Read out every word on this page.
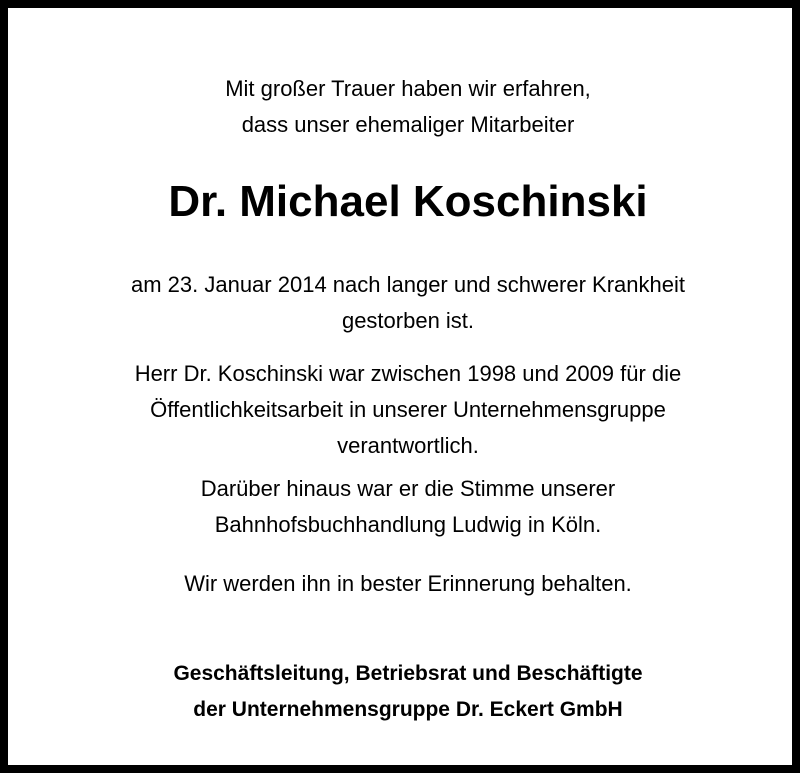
Mit großer Trauer haben wir erfahren,
dass unser ehemaliger Mitarbeiter
Dr. Michael Koschinski
am 23. Januar 2014 nach langer und schwerer Krankheit
gestorben ist.
Herr Dr. Koschinski war zwischen 1998 und 2009 für die
Öffentlichkeitsarbeit in unserer Unternehmensgruppe
verantwortlich.
Darüber hinaus war er die Stimme unserer
Bahnhofsbuchhandlung Ludwig in Köln.
Wir werden ihn in bester Erinnerung behalten.
Geschäftsleitung, Betriebsrat und Beschäftigte
der Unternehmensgruppe Dr. Eckert GmbH
